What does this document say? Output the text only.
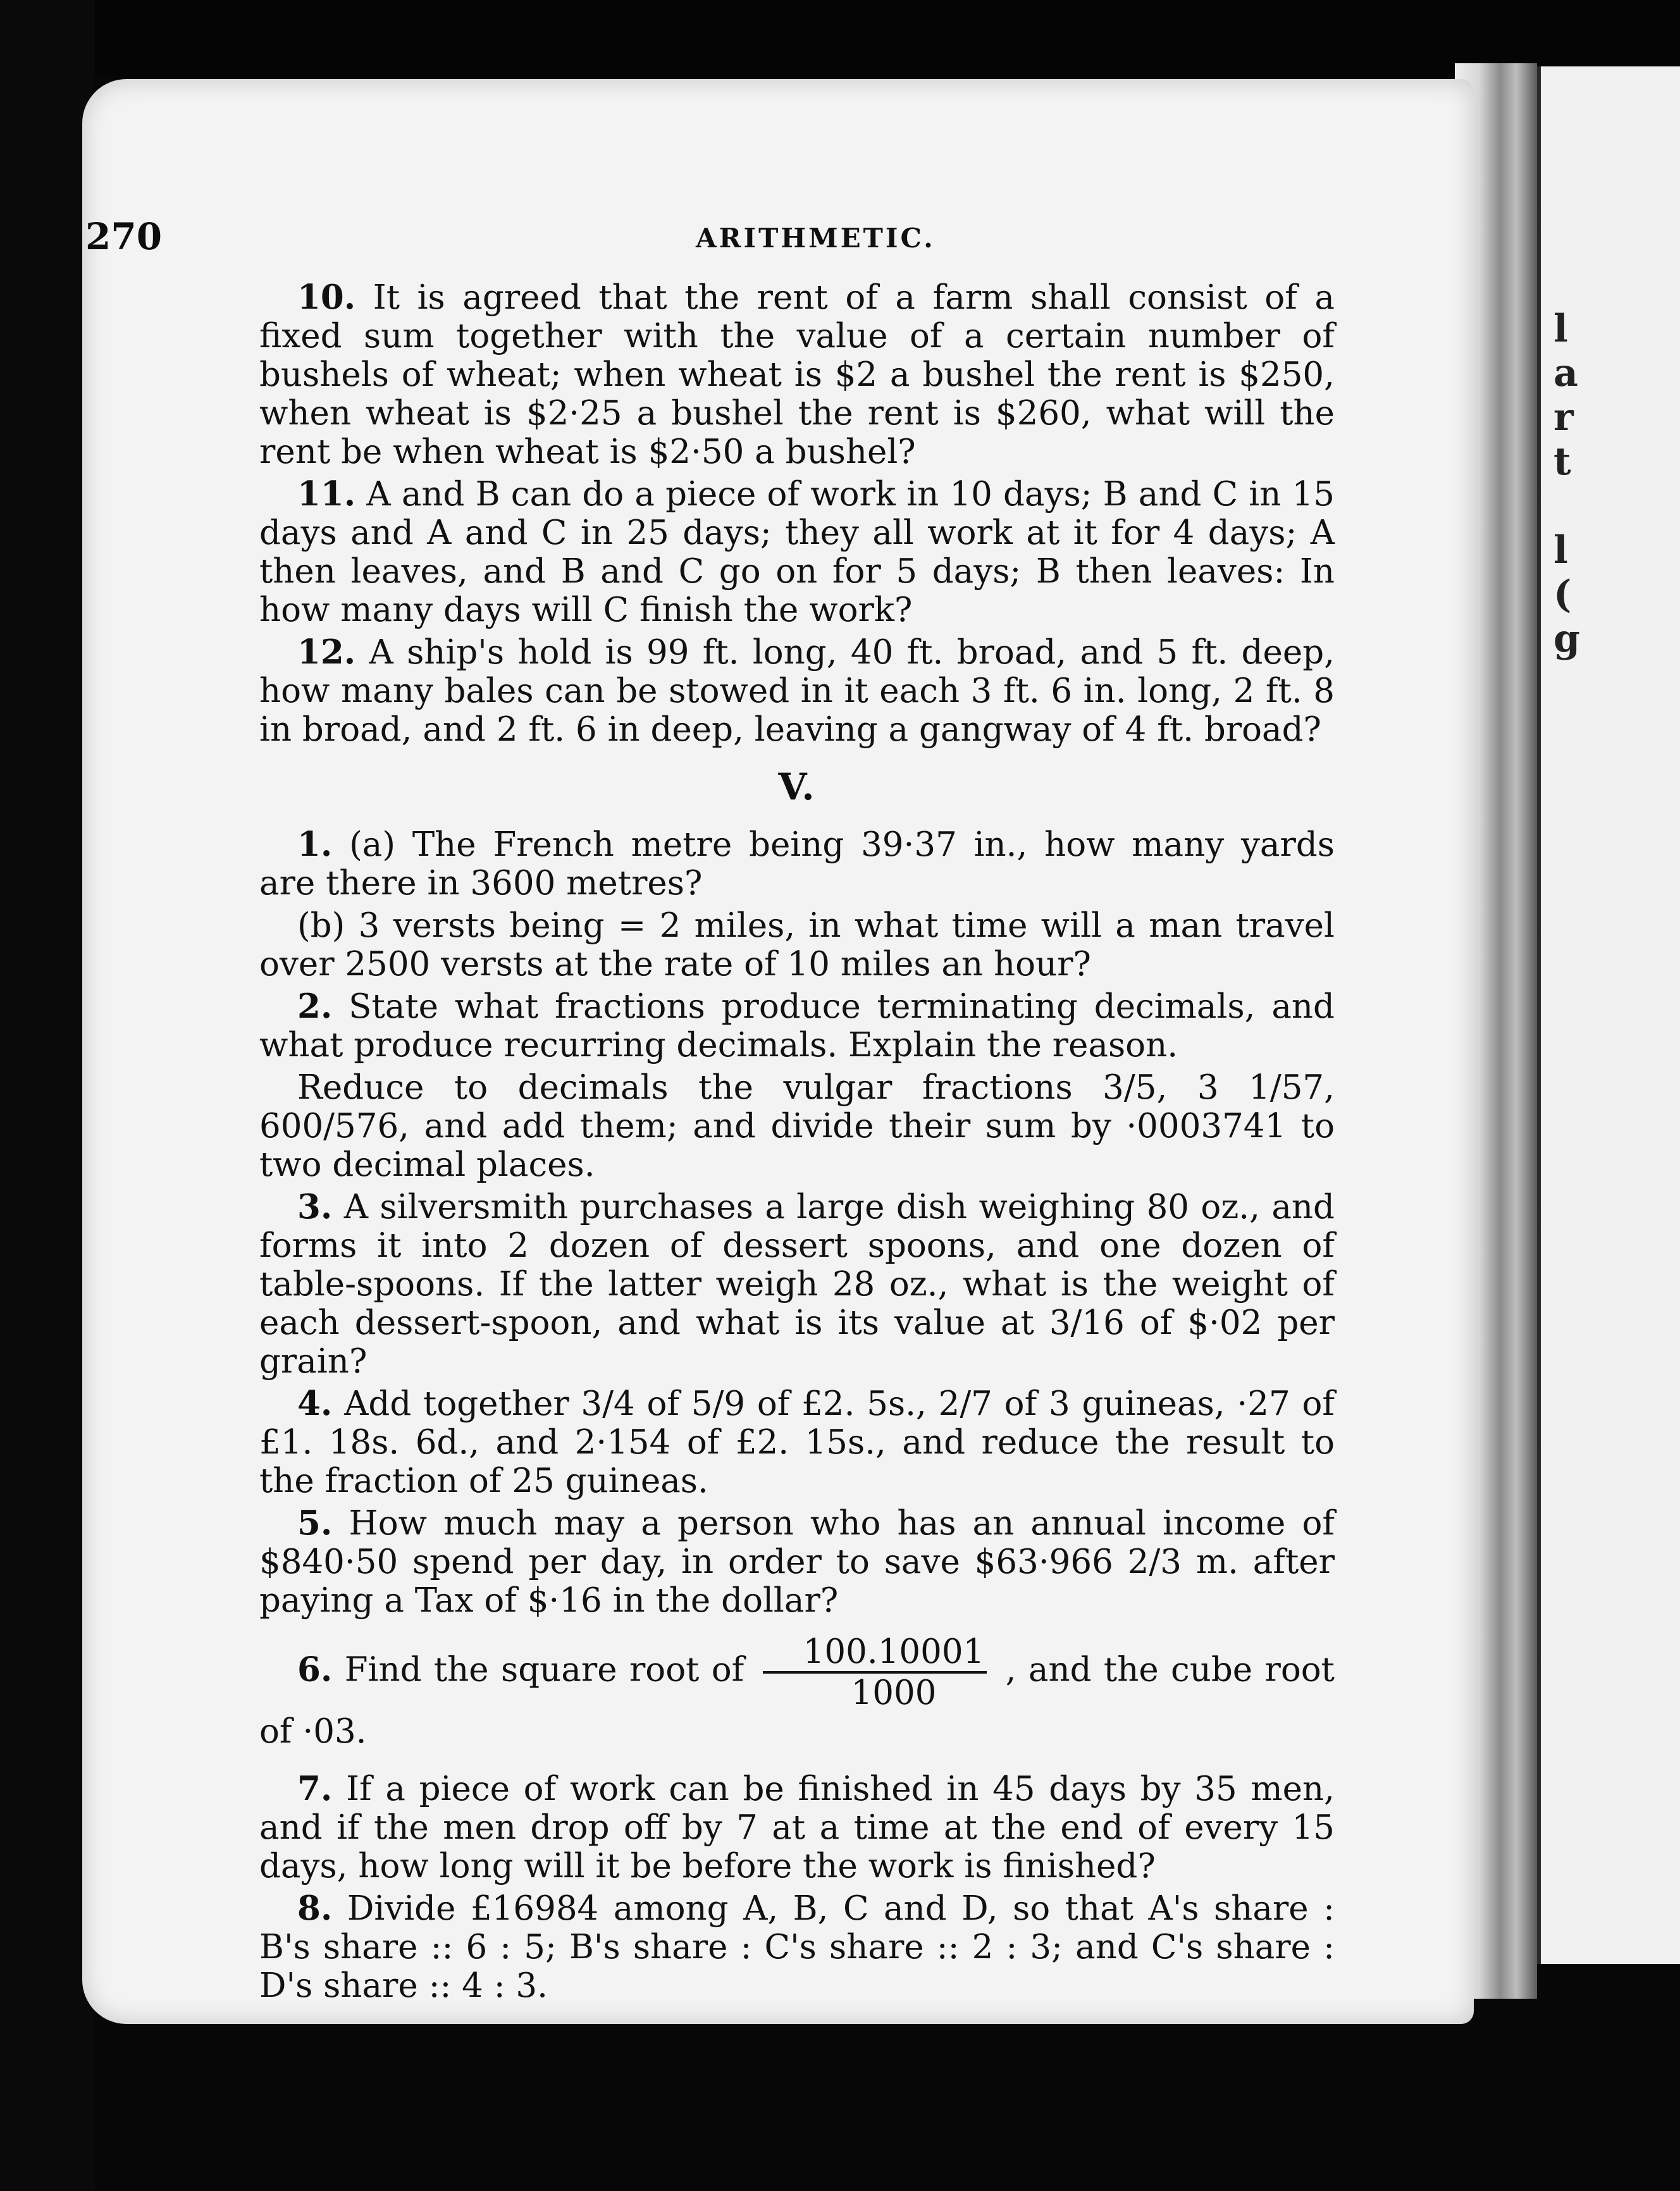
l
a
r
t
l
(
g
270	ARITHMETIC.

10. It is agreed that the rent of a farm shall consist of a fixed sum together with the value of a certain number of bushels of wheat; when wheat is $2 a bushel the rent is $250, when wheat is $2·25 a bushel the rent is $260, what will the rent be when wheat is $2·50 a bushel?

11. A and B can do a piece of work in 10 days; B and C in 15 days and A and C in 25 days; they all work at it for 4 days; A then leaves, and B and C go on for 5 days; B then leaves: In how many days will C finish the work?

12. A ship's hold is 99 ft. long, 40 ft. broad, and 5 ft. deep, how many bales can be stowed in it each 3 ft. 6 in. long, 2 ft. 8 in broad, and 2 ft. 6 in deep, leaving a gangway of 4 ft. broad?

V.

1. (a) The French metre being 39·37 in., how many yards are there in 3600 metres?

(b) 3 versts being = 2 miles, in what time will a man travel over 2500 versts at the rate of 10 miles an hour?

2. State what fractions produce terminating decimals, and what produce recurring decimals. Explain the reason.

Reduce to decimals the vulgar fractions 3/5, 3 1/57, 600/576, and add them; and divide their sum by ·0003741 to two decimal places.

3. A silversmith purchases a large dish weighing 80 oz., and forms it into 2 dozen of dessert spoons, and one dozen of table-spoons. If the latter weigh 28 oz., what is the weight of each dessert-spoon, and what is its value at 3/16 of $·02 per grain?

4. Add together 3/4 of 5/9 of £2. 5s., 2/7 of 3 guineas, ·27 of £1. 18s. 6d., and 2·154 of £2. 15s., and reduce the result to the fraction of 25 guineas.

5. How much may a person who has an annual income of $840·50 spend per day, in order to save $63·966 2/3 m. after paying a Tax of $·16 in the dollar?

6. Find the square root of $\frac{100.10001}{1000}$ , and the cube root of ·03.

7. If a piece of work can be finished in 45 days by 35 men, and if the men drop off by 7 at a time at the end of every 15 days, how long will it be before the work is finished?

8. Divide £16984 among A, B, C and D, so that A's share : B's share :: 6 : 5; B's share : C's share :: 2 : 3; and C's share : D's share :: 4 : 3.
